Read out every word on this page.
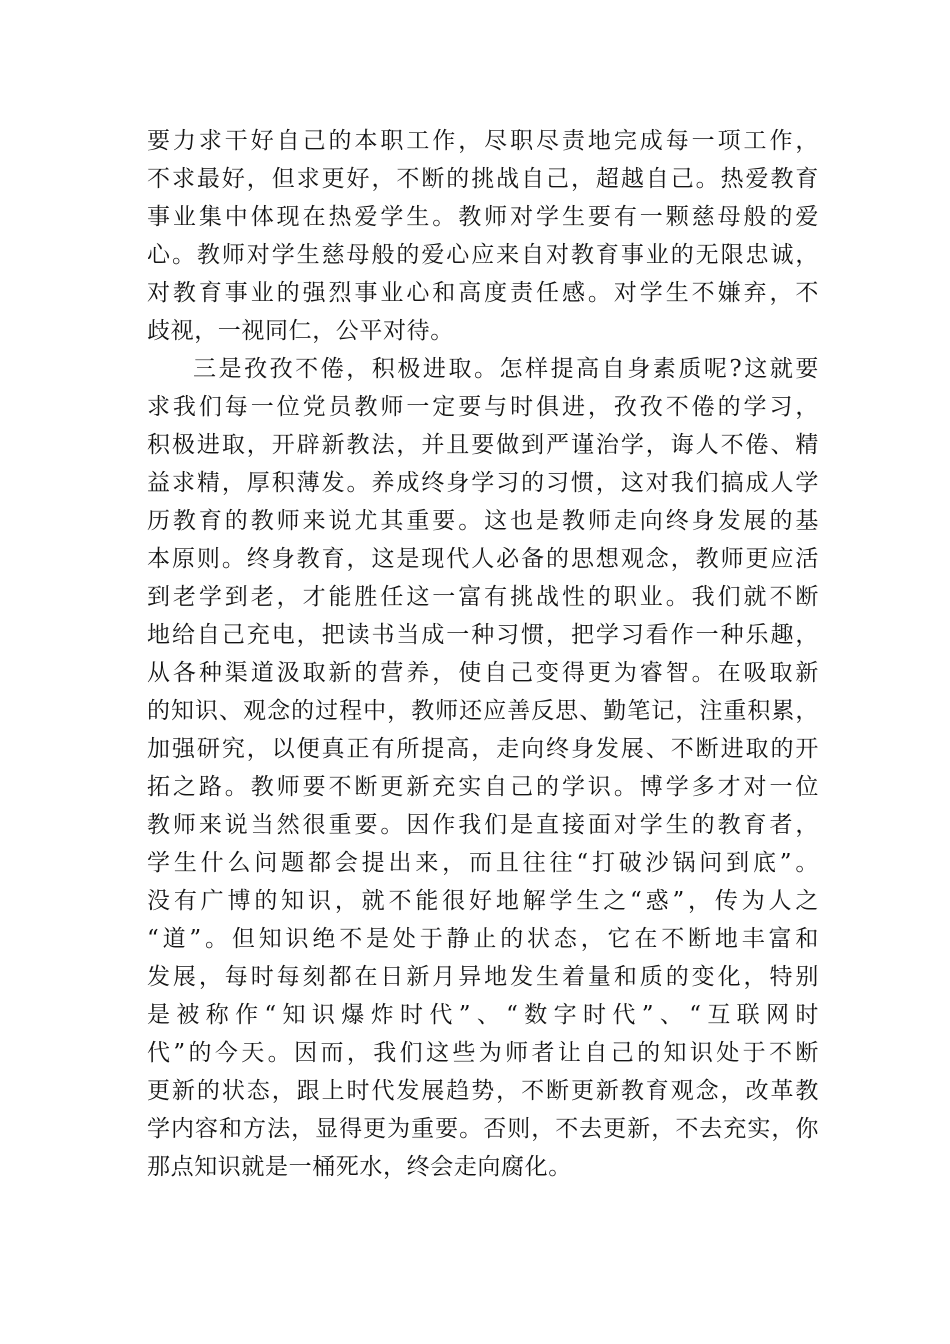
要力求干好自己的本职工作，尽职尽责地完成每一项工作，
不求最好，但求更好，不断的挑战自己，超越自己。热爱教育
事业集中体现在热爱学生。教师对学生要有一颗慈母般的爱
心。教师对学生慈母般的爱心应来自对教育事业的无限忠诚，
对教育事业的强烈事业心和高度责任感。对学生不嫌弃，不
歧视，一视同仁，公平对待。
三是孜孜不倦，积极进取。怎样提高自身素质呢?这就要
求我们每一位党员教师一定要与时俱进，孜孜不倦的学习，
积极进取，开辟新教法，并且要做到严谨治学，诲人不倦、精
益求精，厚积薄发。养成终身学习的习惯，这对我们搞成人学
历教育的教师来说尤其重要。这也是教师走向终身发展的基
本原则。终身教育，这是现代人必备的思想观念，教师更应活
到老学到老，才能胜任这一富有挑战性的职业。我们就不断
地给自己充电，把读书当成一种习惯，把学习看作一种乐趣，
从各种渠道汲取新的营养，使自己变得更为睿智。在吸取新
的知识、观念的过程中，教师还应善反思、勤笔记，注重积累，
加强研究，以便真正有所提高，走向终身发展、不断进取的开
拓之路。教师要不断更新充实自己的学识。博学多才对一位
教师来说当然很重要。因作我们是直接面对学生的教育者，
学生什么问题都会提出来，而且往往“打破沙锅问到底”。
没有广博的知识，就不能很好地解学生之“惑”，传为人之
“道”。但知识绝不是处于静止的状态，它在不断地丰富和
发展，每时每刻都在日新月异地发生着量和质的变化，特别
是被称作“知识爆炸时代”、“数字时代”、“互联网时
代”的今天。因而，我们这些为师者让自己的知识处于不断
更新的状态，跟上时代发展趋势，不断更新教育观念，改革教
学内容和方法，显得更为重要。否则，不去更新，不去充实，你
那点知识就是一桶死水，终会走向腐化。
